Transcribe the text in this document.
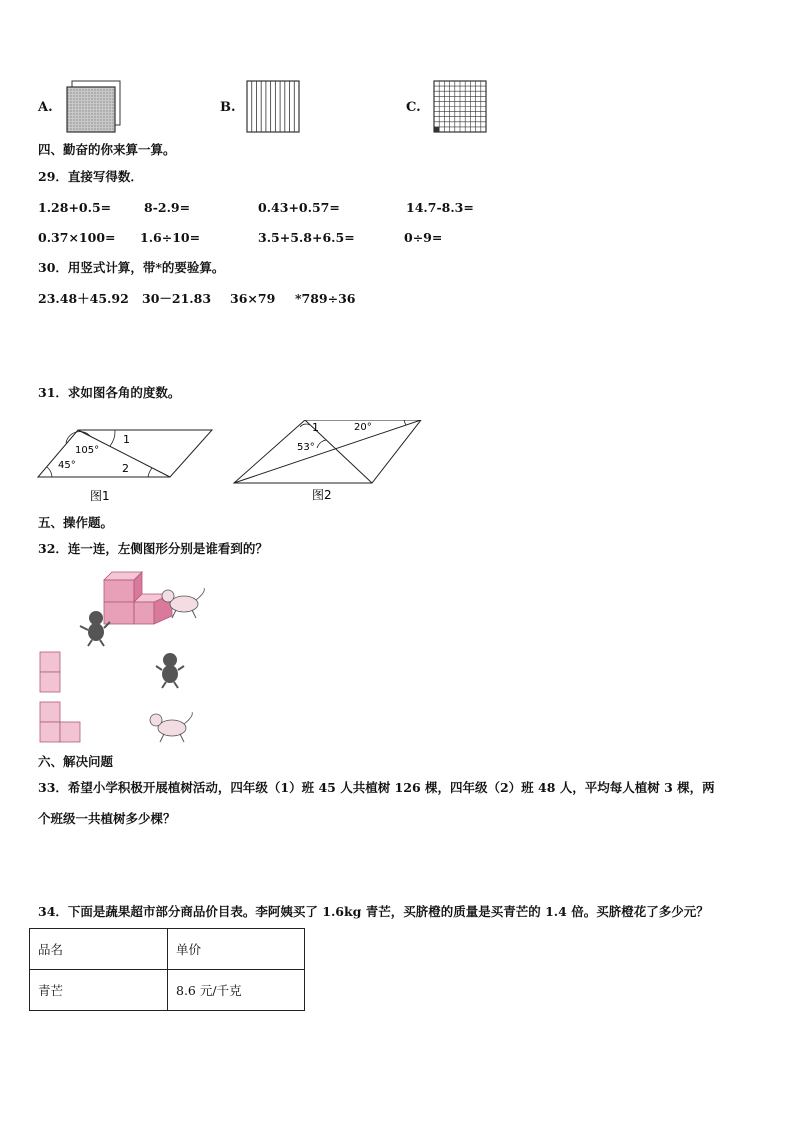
A.	B.	C.
四、勤奋的你来算一算。
29．直接写得数．
1.28+0.5=	8-2.9=	0.43+0.57=	14.7-8.3=
0.37×100= 1.6÷10=	3.5+5.8+6.5=	0÷9=
30．用竖式计算，带*的要验算。
23.48＋45.92 30－21.83 36×79 *789÷36
31．求如图各角的度数。
1
105°
45°	2
图1
1	20°
53°
图2
五、操作题。
32．连一连，左侧图形分别是谁看到的？
六、解决问题
33．希望小学积极开展植树活动，四年级（1）班 45 人共植树 126 棵，四年级（2）班 48 人，平均每人植树 3 棵，两
个班级一共植树多少棵？
34．下面是蔬果超市部分商品价目表。李阿姨买了 1.6kg 青芒，买脐橙的质量是买青芒的 1.4 倍。买脐橙花了多少元？
品名	单价
青芒	8.6 元/千克
